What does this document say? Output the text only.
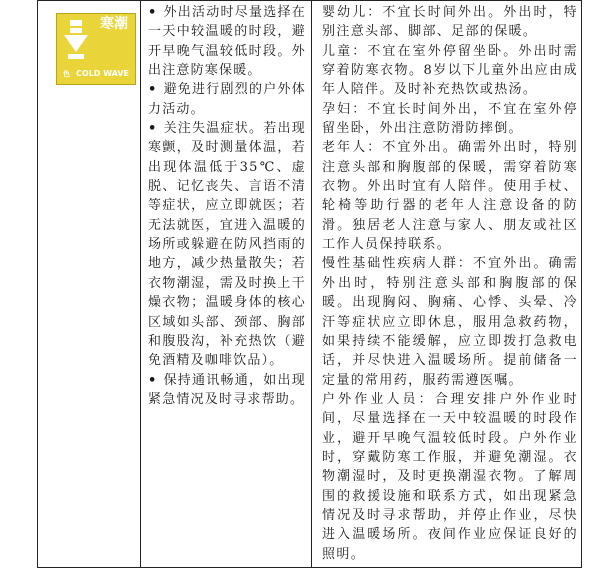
寒潮
色 COLD WAVE

• 外出活动时尽量选择在一天中较温暖的时段，避开早晚气温较低时段。外出注意防寒保暖。

• 避免进行剧烈的户外体力活动。

• 关注失温症状。若出现寒颤，及时测量体温，若出现体温低于35℃、虚脱、记忆丧失、言语不清等症状，应立即就医；若无法就医，宜进入温暖的场所或躲避在防风挡雨的地方，减少热量散失；若衣物潮湿，需及时换上干燥衣物；温暖身体的核心区域如头部、颈部、胸部和腹股沟，补充热饮（避免酒精及咖啡饮品）。

• 保持通讯畅通，如出现紧急情况及时寻求帮助。

婴幼儿：不宜长时间外出。外出时，特别注意头部、脚部、足部的保暖。

儿童：不宜在室外停留坐卧。外出时需穿着防寒衣物。8岁以下儿童外出应由成年人陪伴。及时补充热饮或热汤。

孕妇：不宜长时间外出，不宜在室外停留坐卧，外出注意防滑防摔倒。

老年人：不宜外出。确需外出时，特别注意头部和胸腹部的保暖，需穿着防寒衣物。外出时宜有人陪伴。使用手杖、轮椅等助行器的老年人注意设备的防滑。独居老人注意与家人、朋友或社区工作人员保持联系。

慢性基础性疾病人群：不宜外出。确需外出时，特别注意头部和胸腹部的保暖。出现胸闷、胸痛、心悸、头晕、冷汗等症状应立即休息，服用急救药物，如果持续不能缓解，应立即拨打急救电话，并尽快进入温暖场所。提前储备一定量的常用药，服药需遵医嘱。

户外作业人员：合理安排户外作业时间，尽量选择在一天中较温暖的时段作业，避开早晚气温较低时段。户外作业时，穿戴防寒工作服，并避免潮湿。衣物潮湿时，及时更换潮湿衣物。了解周围的救援设施和联系方式，如出现紧急情况及时寻求帮助，并停止作业，尽快进入温暖场所。夜间作业应保证良好的照明。
